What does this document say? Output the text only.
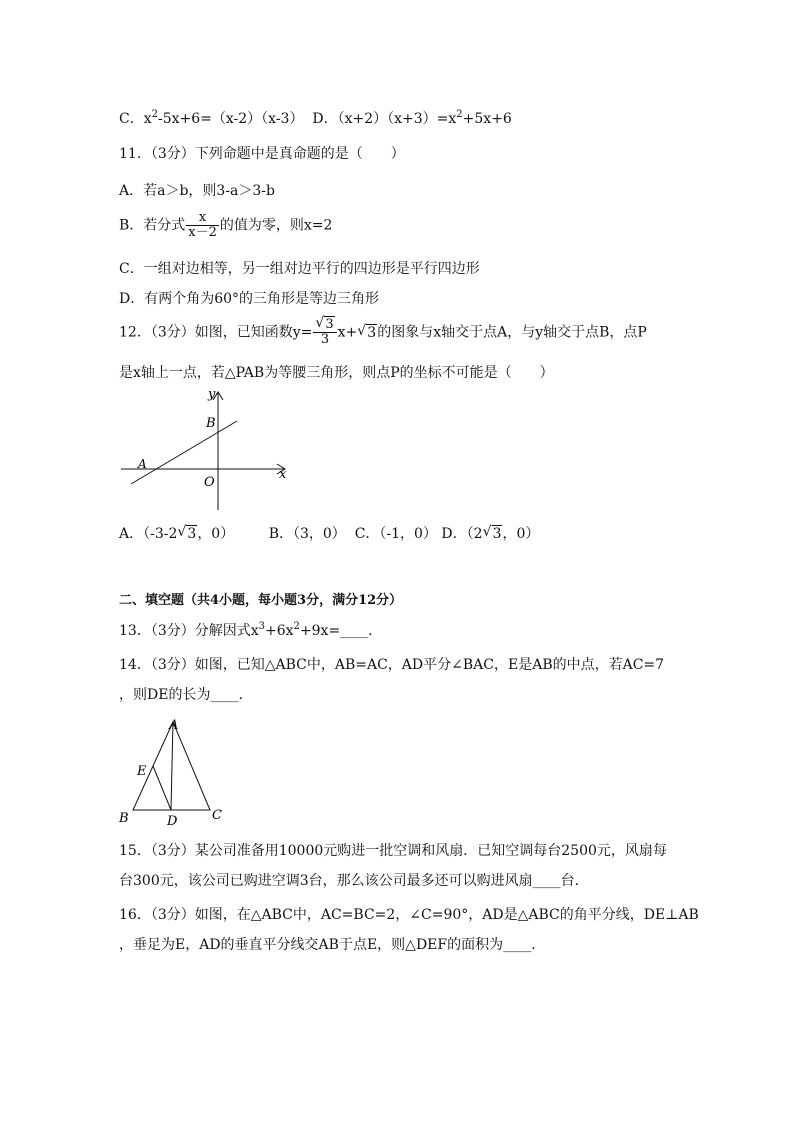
C．$x^2-5x+6=(x-2)(x-3)$ D．$(x+2)(x+3)=x^2+5x+6$
11．（3分）下列命题中是真命题的是（　　）
A．若a＞b，则3-a＞3-b
B．若分式 $\frac{x}{x-2}$ 的值为零，则x=2
C．一组对边相等，另一组对边平行的四边形是平行四边形
D．有两个角为60°的三角形是等边三角形
12．（3分）如图，已知函数$y= \frac{√ 3}{3} x+$ √ 3的图象与x轴交于点A，与y轴交于点B，点P
是x轴上一点，若△PAB为等腰三角形，则点P的坐标不可能是（　　）
y
x
B
A
O
A．（-3-2 √ 3，0） B．（3，0） C．（-1，0） D．（2 √ 3，0）
二、填空题（共4小题，每小题3分，满分12分）
13．（3分）分解因式$x^3+6x^2+9x=\_\_\_\_$.
14．（3分）如图，已知△ABC中，AB=AC，AD平分∠BAC，E是AB的中点，若AC=7
，则DE的长为____.
A
E
B	D	C
15．（3分）某公司准备用10000元购进一批空调和风扇．已知空调每台2500元，风扇每
台300元，该公司已购进空调3台，那么该公司最多还可以购进风扇____台.
16．（3分）如图，在△ABC中，AC=BC=2，∠C=90°，AD是△ABC的角平分线，DE⊥AB
，垂足为E，AD的垂直平分线交AB于点E，则△DEF的面积为____.
